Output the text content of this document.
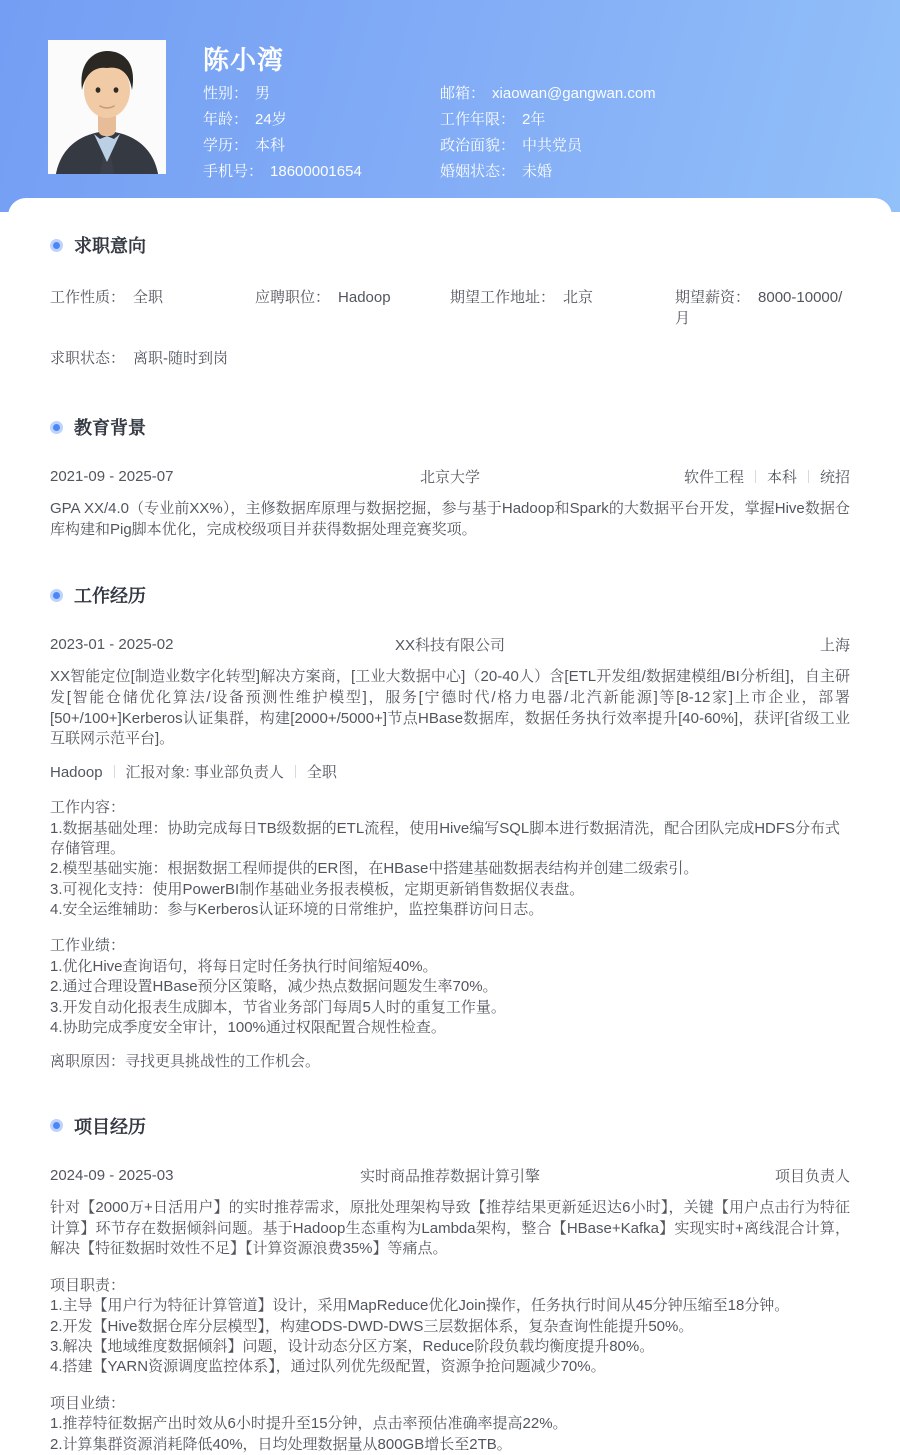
陈小湾
性别： 男
年龄： 24岁
学历： 本科
手机号： 18600001654
邮箱： xiaowan@gangwan.com
工作年限： 2年
政治面貌： 中共党员
婚姻状态： 未婚
求职意向
工作性质： 全职	应聘职位： Hadoop	期望工作地址： 北京	期望薪资： 8000-10000/月
求职状态： 离职-随时到岗
教育背景
2021-09 - 2025-07	北京大学	软件工程 本科 统招
GPA XX/4.0（专业前XX%），主修数据库原理与数据挖掘，参与基于Hadoop和Spark的大数据平台开发，掌握Hive数据仓库构建和Pig脚本优化，完成校级项目并获得数据处理竞赛奖项。
工作经历
2023-01 - 2025-02	XX科技有限公司	上海
XX智能定位[制造业数字化转型]解决方案商，[工业大数据中心]（20-40人）含[ETL开发组/数据建模组/BI分析组]，自主研发[智能仓储优化算法/设备预测性维护模型]，服务[宁德时代/格力电器/北汽新能源]等[8-12家]上市企业，部署[50+/100+]Kerberos认证集群，构建[2000+/5000+]节点HBase数据库，数据任务执行效率提升[40-60%]，获评[省级工业互联网示范平台]。
Hadoop 汇报对象: 事业部负责人 全职
工作内容：
1.数据基础处理：协助完成每日TB级数据的ETL流程，使用Hive编写SQL脚本进行数据清洗，配合团队完成HDFS分布式存储管理。
2.模型基础实施：根据数据工程师提供的ER图，在HBase中搭建基础数据表结构并创建二级索引。
3.可视化支持：使用PowerBI制作基础业务报表模板，定期更新销售数据仪表盘。
4.安全运维辅助：参与Kerberos认证环境的日常维护，监控集群访问日志。
工作业绩：
1.优化Hive查询语句，将每日定时任务执行时间缩短40%。
2.通过合理设置HBase预分区策略，减少热点数据问题发生率70%。
3.开发自动化报表生成脚本，节省业务部门每周5人时的重复工作量。
4.协助完成季度安全审计，100%通过权限配置合规性检查。
离职原因：寻找更具挑战性的工作机会。
项目经历
2024-09 - 2025-03	实时商品推荐数据计算引擎	项目负责人
针对【2000万+日活用户】的实时推荐需求，原批处理架构导致【推荐结果更新延迟达6小时】，关键【用户点击行为特征计算】环节存在数据倾斜问题。基于Hadoop生态重构为Lambda架构，整合【HBase+Kafka】实现实时+离线混合计算，解决【特征数据时效性不足】【计算资源浪费35%】等痛点。
项目职责：
1.主导【用户行为特征计算管道】设计，采用MapReduce优化Join操作，任务执行时间从45分钟压缩至18分钟。
2.开发【Hive数据仓库分层模型】，构建ODS-DWD-DWS三层数据体系，复杂查询性能提升50%。
3.解决【地域维度数据倾斜】问题，设计动态分区方案，Reduce阶段负载均衡度提升80%。
4.搭建【YARN资源调度监控体系】，通过队列优先级配置，资源争抢问题减少70%。
项目业绩：
1.推荐特征数据产出时效从6小时提升至15分钟，点击率预估准确率提高22%。
2.计算集群资源消耗降低40%，日均处理数据量从800GB增长至2TB。
